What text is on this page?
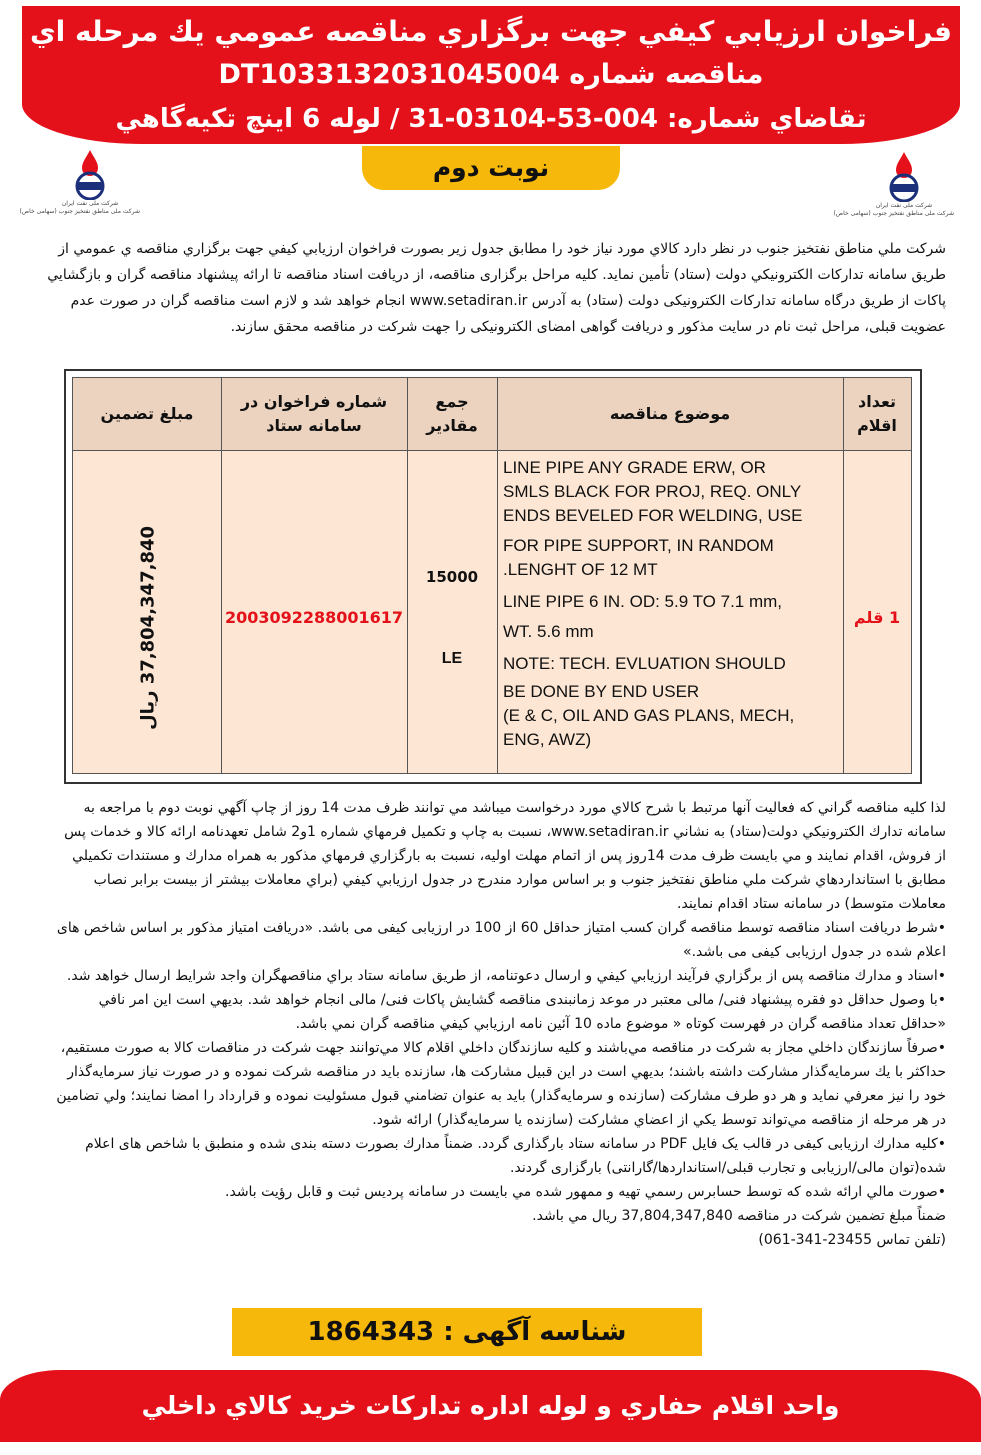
فراخوان ارزيابي كيفي جهت برگزاري مناقصه عمومي يك مرحله اي
مناقصه شماره DT1033132031045004
تقاضاي شماره: 004-53-03104-31 / لوله 6 اينچ تكيه‌گاهي
نوبت دوم
شركت ملی نفت ايران
شركت ملی مناطق نفتخيز جنوب (سهامی خاص)
شركت ملی نفت ايران
شركت ملی مناطق نفتخيز جنوب (سهامی خاص)
شركت ملي مناطق نفتخيز جنوب در نظر دارد كالاي مورد نياز خود را مطابق جدول زير بصورت فراخوان ارزيابي كيفي جهت برگزاري مناقصه ي عمومي از
طريق سامانه تداركات الكترونيكي دولت (ستاد) تأمين نمايد. كليه مراحل برگزاری مناقصه، از دريافت اسناد مناقصه تا ارائه پيشنهاد مناقصه گران و بازگشايي
پاكات از طريق درگاه سامانه تداركات الكترونيكی دولت (ستاد) به آدرس www.setadiran.ir انجام خواهد شد و لازم است مناقصه گران در صورت عدم
عضويت قبلی، مراحل ثبت نام در سايت مذكور و دريافت گواهی امضای الكترونيكی را جهت شركت در مناقصه محقق سازند.
تعداد
اقلام
موضوع مناقصه
جمع
مقادير
شماره فراخوان در
سامانه ستاد
مبلغ تضمين
1 قلم

LINE PIPE ANY GRADE ERW, OR

SMLS BLACK FOR PROJ, REQ. ONLY

ENDS BEVELED FOR WELDING, USE

FOR PIPE SUPPORT, IN RANDOM

.LENGHT OF 12 MT

LINE PIPE 6 IN. OD: 5.9 TO 7.1 mm,

WT. 5.6 mm

NOTE: TECH. EVLUATION SHOULD

BE DONE BY END USER

(E & C, OIL AND GAS PLANS, MECH,

ENG, AWZ)

15000
LE
2003092288001617
37,804,347,840 ريال
لذا كليه مناقصه گراني كه فعاليت آنها مرتبط با شرح كالاي مورد درخواست ميباشد مي توانند ظرف مدت 14 روز از چاپ آگهي نوبت دوم با مراجعه به
سامانه تدارك الكترونيكي دولت(ستاد) به نشاني www.setadiran.ir، نسبت به چاپ و تكميل فرمهاي شماره 1و2 شامل تعهدنامه ارائه كالا و خدمات پس
از فروش، اقدام نمايند و مي بايست ظرف مدت 14روز پس از اتمام مهلت اوليه، نسبت به بارگزاري فرمهاي مذكور به همراه مدارك و مستندات تكميلي
مطابق با استانداردهاي شركت ملي مناطق نفتخيز جنوب و بر اساس موارد مندرج در جدول ارزيابي كيفي (براي معاملات بيشتر از بيست برابر نصاب
معاملات متوسط) در سامانه ستاد اقدام نمايند.
•شرط دريافت اسناد مناقصه توسط مناقصه گران كسب امتياز حداقل 60 از 100 در ارزيابی كيفی می باشد. «دريافت امتياز مذكور بر اساس شاخص های
اعلام شده در جدول ارزيابی كيفی می باشد.»
•اسناد و مدارك مناقصه پس از برگزاري فرآيند ارزيابي كيفي و ارسال دعوتنامه، از طريق سامانه ستاد براي مناقصهگران واجد شرايط ارسال خواهد شد.
•با وصول حداقل دو فقره پيشنهاد فنی/ مالی معتبر در موعد زمانبندی مناقصه گشايش پاكات فنی/ مالی انجام خواهد شد. بديهي است اين امر نافي
«حداقل تعداد مناقصه گران در فهرست كوتاه « موضوع ماده 10 آئين نامه ارزيابي كيفي مناقصه گران نمي باشد.
•صرفاً سازندگان داخلي مجاز به شركت در مناقصه مي‌باشند و كليه سازندگان داخلي اقلام كالا مي‌توانند جهت شركت در مناقصات كالا به صورت مستقيم،
حداكثر با يك سرمايه‌گذار مشاركت داشته باشند؛ بديهي است در اين قبيل مشاركت ها، سازنده بايد در مناقصه شركت نموده و در صورت نياز سرمايه‌گذار
خود را نيز معرفي نمايد و هر دو طرف مشاركت (سازنده و سرمايه‌گذار) بايد به عنوان تضامني قبول مسئوليت نموده و قرارداد را امضا نمايند؛ ولي تضامين
در هر مرحله از مناقصه مي‌تواند توسط يكي از اعضاي مشاركت (سازنده يا سرمايه‌گذار) ارائه شود.
•كليه مدارك ارزيابی كيفی در قالب يک فايل PDF در سامانه ستاد بارگذاری گردد. ضمناً مدارك بصورت دسته بندی شده و منطبق با شاخص های اعلام
شده(توان مالی/ارزيابی و تجارب قبلی/استانداردها/گارانتی) بارگزاری گردند.
•صورت مالي ارائه شده كه توسط حسابرس رسمي تهيه و ممهور شده مي بايست در سامانه پرديس ثبت و قابل رؤيت باشد.
ضمناً مبلغ تضمين شركت در مناقصه 37,804,347,840 ريال مي باشد.
(تلفن تماس 23455-341-061)
شناسه آگهی : 1864343
واحد اقلام حفاري و لوله اداره تداركات خريد كالاي داخلي
